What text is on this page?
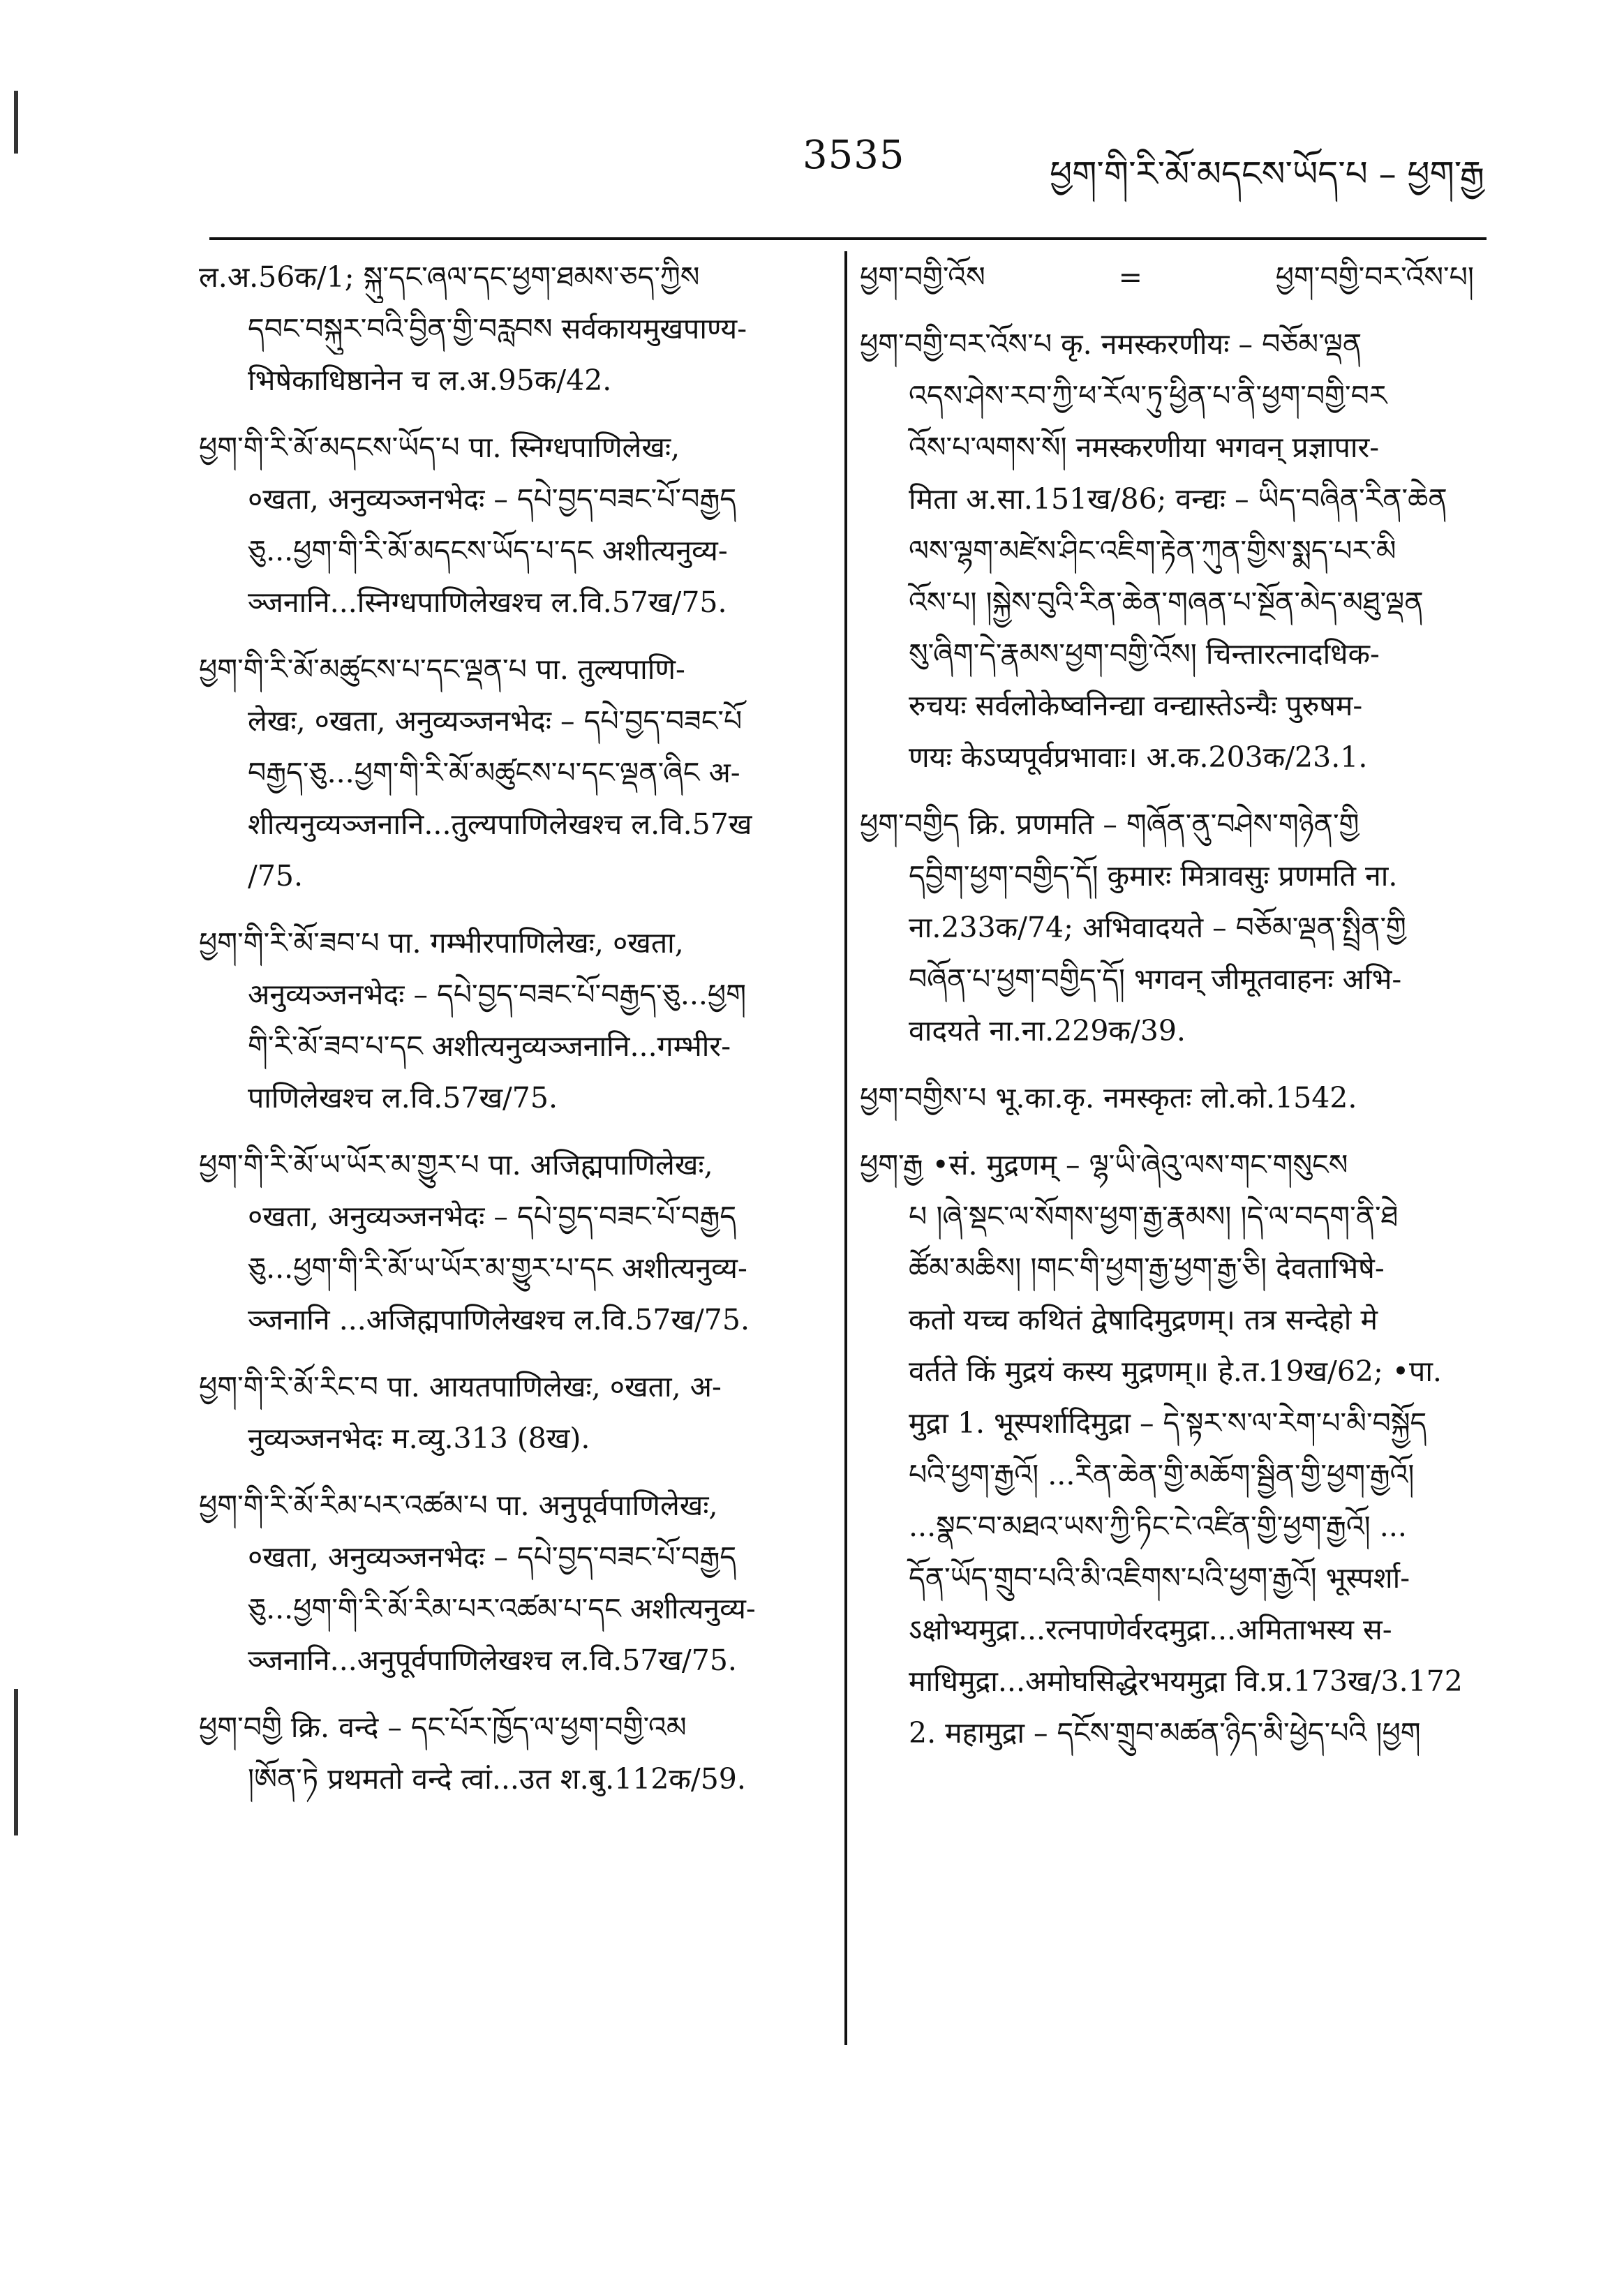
3535	ཕྱག་གི་རི་མོ་མདངས་ཡོད་པ – ཕྱག་རྒྱ
ल.अ.56क/1; སྐུ་དང་ཞལ་དང་ཕྱག་ཐམས་ཅད་ཀྱིས
དབང་བསྐུར་བའི་བྱིན་གྱི་བརླབས सर्वकायमुखपाण्य-
भिषेकाधिष्ठानेन च ल.अ.95क/42.
ཕྱག་གི་རི་མོ་མདངས་ཡོད་པ पा. स्निग्धपाणिलेखः,
०खता, अनुव्यञ्जनभेदः – དཔེ་བྱད་བཟང་པོ་བརྒྱད
ཅུ...ཕྱག་གི་རི་མོ་མདངས་ཡོད་པ་དང अशीत्यनुव्य-
ञ्जनानि...स्निग्धपाणिलेखश्च ल.वि.57ख/75.
ཕྱག་གི་རི་མོ་མཚུངས་པ་དང་ལྡན་པ पा. तुल्यपाणि-
लेखः, ०खता, अनुव्यञ्जनभेदः – དཔེ་བྱད་བཟང་པོ
བརྒྱད་ཅུ...ཕྱག་གི་རི་མོ་མཚུངས་པ་དང་ལྡན་ཞིང अ-
शीत्यनुव्यञ्जनानि...तुल्यपाणिलेखश्च ल.वि.57ख
/75.
ཕྱག་གི་རི་མོ་ཟབ་པ पा. गम्भीरपाणिलेखः, ०खता,
अनुव्यञ्जनभेदः – དཔེ་བྱད་བཟང་པོ་བརྒྱད་ཅུ...ཕྱག
གི་རི་མོ་ཟབ་པ་དང अशीत्यनुव्यञ्जनानि...गम्भीर-
पाणिलेखश्च ल.वि.57ख/75.
ཕྱག་གི་རི་མོ་ཡ་ཡོར་མ་གྱུར་པ पा. अजिह्मपाणिलेखः,
०खता, अनुव्यञ्जनभेदः – དཔེ་བྱད་བཟང་པོ་བརྒྱད
ཅུ...ཕྱག་གི་རི་མོ་ཡ་ཡོར་མ་གྱུར་པ་དང अशीत्यनुव्य-
ञ्जनानि ...अजिह्मपाणिलेखश्च ल.वि.57ख/75.
ཕྱག་གི་རི་མོ་རིང་བ पा. आयतपाणिलेखः, ०खता, अ-
नुव्यञ्जनभेदः म.व्यु.313 (8ख).
ཕྱག་གི་རི་མོ་རིམ་པར་འཚམ་པ पा. अनुपूर्वपाणिलेखः,
०खता, अनुव्यञ्जनभेदः – དཔེ་བྱད་བཟང་པོ་བརྒྱད
ཅུ...ཕྱག་གི་རི་མོ་རིམ་པར་འཚམ་པ་དང अशीत्यनुव्य-
ञ्जनानि...अनुपूर्वपाणिलेखश्च ल.वि.57ख/75.
ཕྱག་བགྱི क्रि. वन्दे – དང་པོར་ཁྱོད་ལ་ཕྱག་བགྱི་འམ
།ཨོན་ཏེ प्रथमतो वन्दे त्वां...उत श.बु.112क/59.
ཕྱག་བགྱི་འོས	=	ཕྱག་བགྱི་བར་འོས་པ།
ཕྱག་བགྱི་བར་འོས་པ कृ. नमस्करणीयः – བཅོམ་ལྡན
འདས་ཤེས་རབ་ཀྱི་ཕ་རོལ་ཏུ་ཕྱིན་པ་ནི་ཕྱག་བགྱི་བར
འོས་པ་ལགས་སོ། नमस्करणीया भगवन् प्रज्ञापार-
मिता अ.सा.151ख/86; वन्द्यः – ཡིད་བཞིན་རིན་ཆེན
ལས་ལྷག་མཛེས་ཤིང་འཇིག་རྟེན་ཀུན་གྱིས་སྨད་པར་མི
འོས་པ། །སྐྱེས་བུའི་རིན་ཆེན་གཞན་པ་སྔོན་མེད་མཐུ་ལྡན
སུ་ཞིག་དེ་རྣམས་ཕྱག་བགྱི་འོས། चिन्तारत्नादधिक-
रुचयः सर्वलोकेष्वनिन्द्या वन्द्यास्तेऽन्यैः पुरुषम-
णयः केऽप्यपूर्वप्रभावाः। अ.क.203क/23.1.
ཕྱག་བགྱིད क्रि. प्रणमति – གཞོན་ནུ་བཤེས་གཉེན་གྱི
དབྱིག་ཕྱག་བགྱིད་དོ། कुमारः मित्रावसुः प्रणमति ना.
ना.233क/74; अभिवादयते – བཅོམ་ལྡན་སྤྲིན་གྱི
བཞོན་པ་ཕྱག་བགྱིད་དོ། भगवन् जीमूतवाहनः अभि-
वादयते ना.ना.229क/39.
ཕྱག་བགྱིས་པ भू.का.कृ. नमस्कृतः लो.को.1542.
ཕྱག་རྒྱ •सं. मुद्रणम् – ལྷ་ཡི་ཞེའུ་ལས་གང་གསུངས
པ །ཞེ་སྡང་ལ་སོགས་ཕྱག་རྒྱ་རྣམས། །དེ་ལ་བདག་ནི་ཐེ
ཚོམ་མཆིས། །གང་གི་ཕྱག་རྒྱ་ཕྱག་རྒྱ་ཅི། देवताभिषे-
कतो यच्च कथितं द्वेषादिमुद्रणम्। तत्र सन्देहो मे
वर्तते किं मुद्रयं कस्य मुद्रणम्॥ हे.त.19ख/62; •पा.
मुद्रा 1. भूस्पर्शादिमुद्रा – དེ་སྟར་ས་ལ་རེག་པ་མི་བསྐྱོད
པའི་ཕྱག་རྒྱའོ། ...རིན་ཆེན་གྱི་མཆོག་སྦྱིན་གྱི་ཕྱག་རྒྱའོ།
...སྣང་བ་མཐའ་ཡས་ཀྱི་ཏིང་ངེ་འཛིན་གྱི་ཕྱག་རྒྱའོ། ...
དོན་ཡོད་གྲུབ་པའི་མི་འཇིགས་པའི་ཕྱག་རྒྱའོ། भूस्पर्शा-
ऽक्षोभ्यमुद्रा...रत्नपाणेर्वरदमुद्रा...अमिताभस्य स-
माधिमुद्रा...अमोघसिद्धेरभयमुद्रा वि.प्र.173ख/3.172
2. महामुद्रा – དངོས་གྲུབ་མཚན་ཉིད་མི་ཕྱེད་པའི །ཕྱག
